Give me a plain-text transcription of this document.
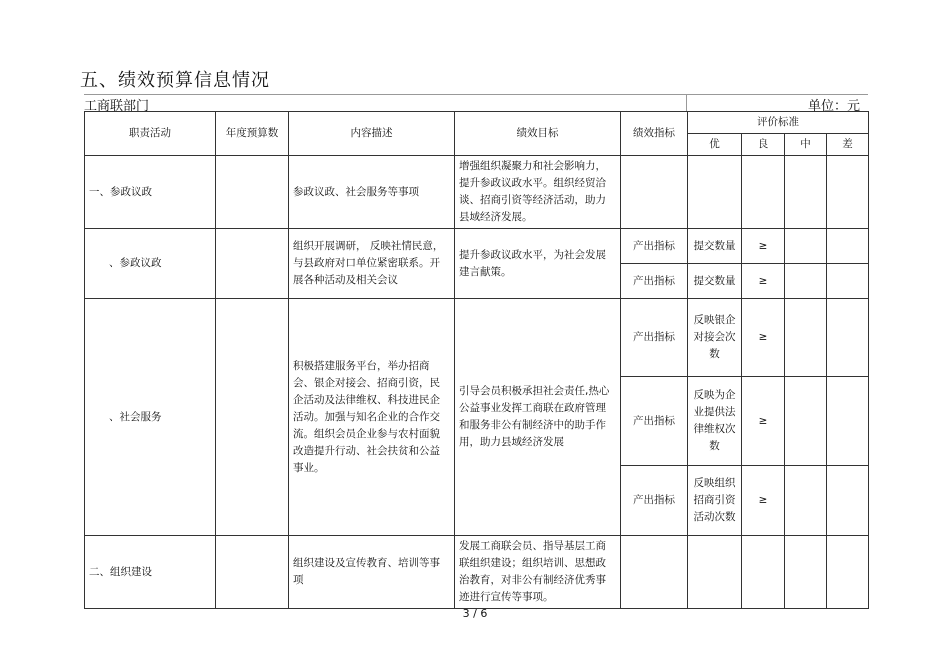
五、绩效预算信息情况
工商联部门	单位：元
职责活动	年度预算数	内容描述	绩效目标	绩效指标	评价标准			
					优	良	中	差
一、参政议政		参政议政、社会服务等事项	增强组织凝聚力和社会影响力，提升参政议政水平。组织经贸洽谈、招商引资等经济活动，助力县域经济发展。					
、参政议政		组织开展调研， 反映社情民意，与县政府对口单位紧密联系。开展各种活动及相关会议	提升参政议政水平，为社会发展建言献策。	产出指标	提交数量	≥		
				产出指标	提交数量	≥		
、社会服务		积极搭建服务平台，举办招商会、银企对接会、招商引资，民企活动及法律维权、科技进民企活动。加强与知名企业的合作交流。组织会员企业参与农村面貌改造提升行动、社会扶贫和公益事业。	引导会员积极承担社会责任,热心公益事业发挥工商联在政府管理和服务非公有制经济中的助手作用，助力县域经济发展	产出指标	反映银企对接会次数	≥		
				产出指标	反映为企业提供法律维权次数	≥		
				产出指标	反映组织招商引资活动次数	≥		
二、组织建设		组织建设及宣传教育、培训等事项	发展工商联会员、指导基层工商联组织建设；组织培训、思想政治教育，对非公有制经济优秀事迹进行宣传等事项。					
3 / 6
